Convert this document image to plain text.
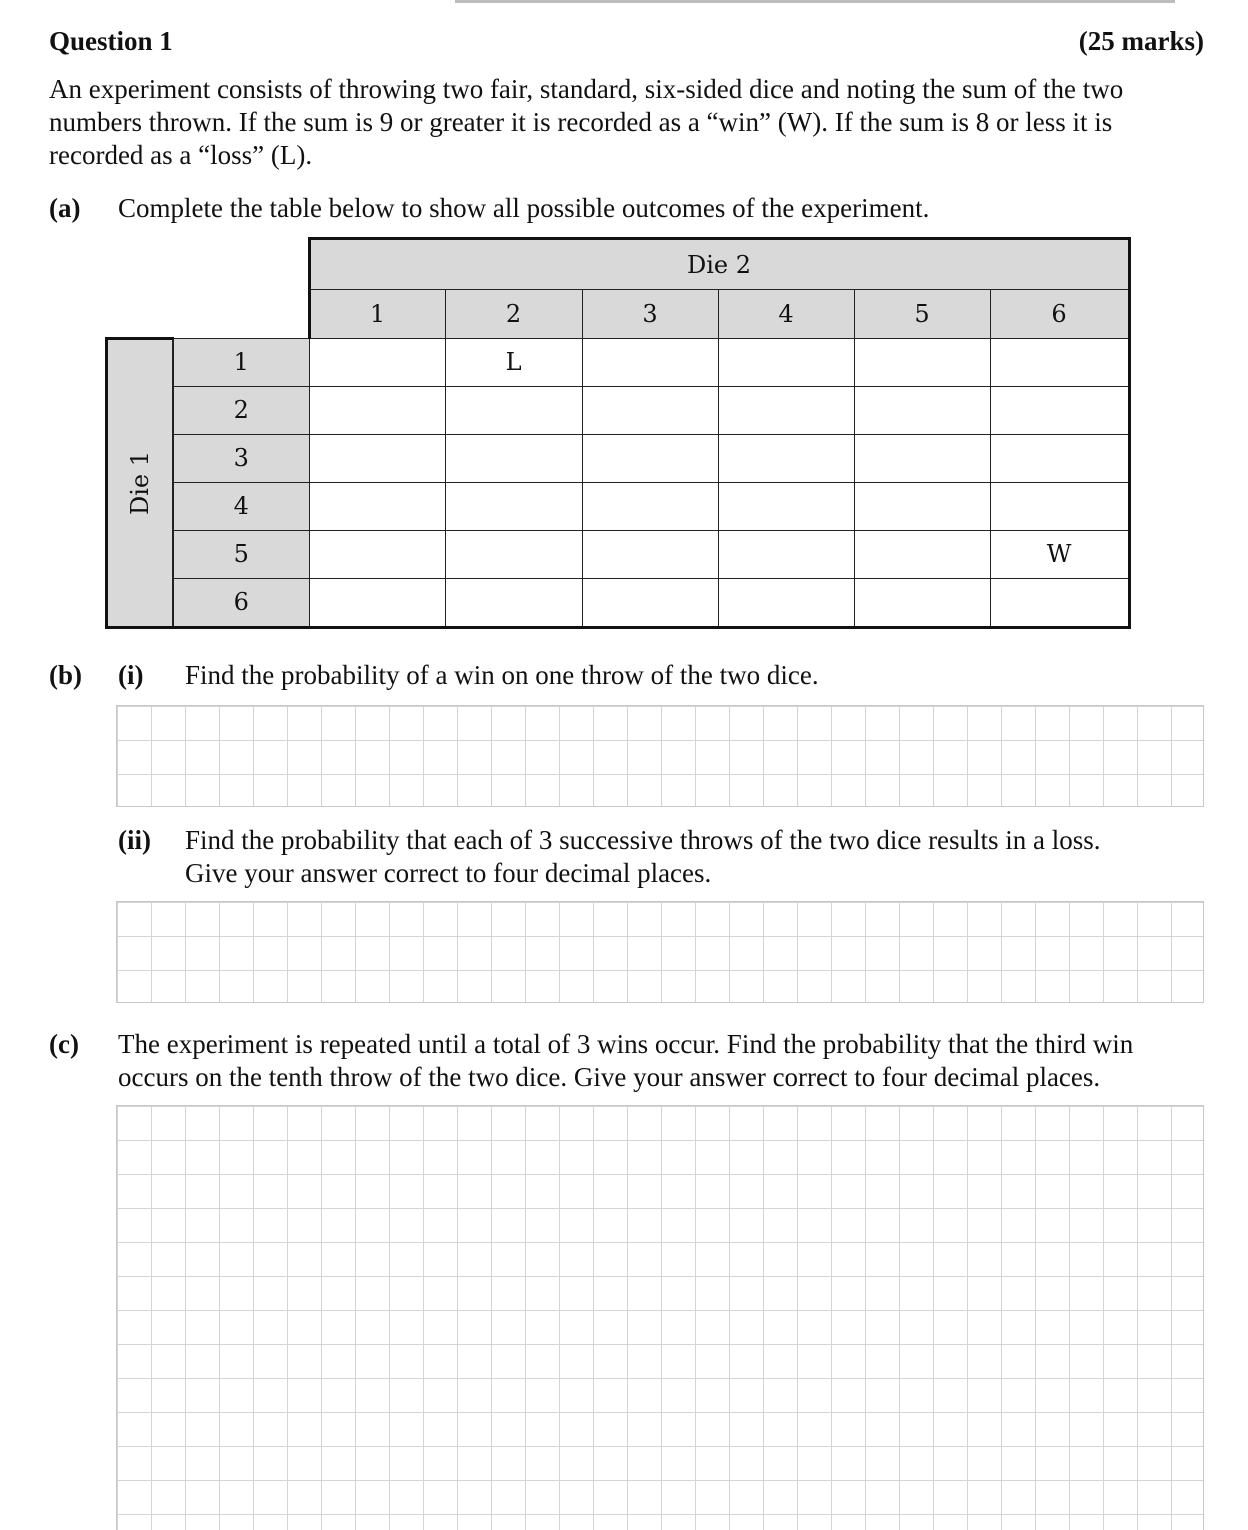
Question 1	(25 marks)
An experiment consists of throwing two fair, standard, six-sided dice and noting the sum of the two
numbers thrown. If the sum is 9 or greater it is recorded as a “win” (W). If the sum is 8 or less it is
recorded as a “loss” (L).
(a) Complete the table below to show all possible outcomes of the experiment.
		Die 2					
		1	2	3	4	5	6
Die 1	1		L				
	2						
	3						
	4						
	5						W
	6						
(b) (i) Find the probability of a win on one throw of the two dice.
(ii) Find the probability that each of 3 successive throws of the two dice results in a loss.
Give your answer correct to four decimal places.
(c) The experiment is repeated until a total of 3 wins occur. Find the probability that the third win
occurs on the tenth throw of the two dice. Give your answer correct to four decimal places.
